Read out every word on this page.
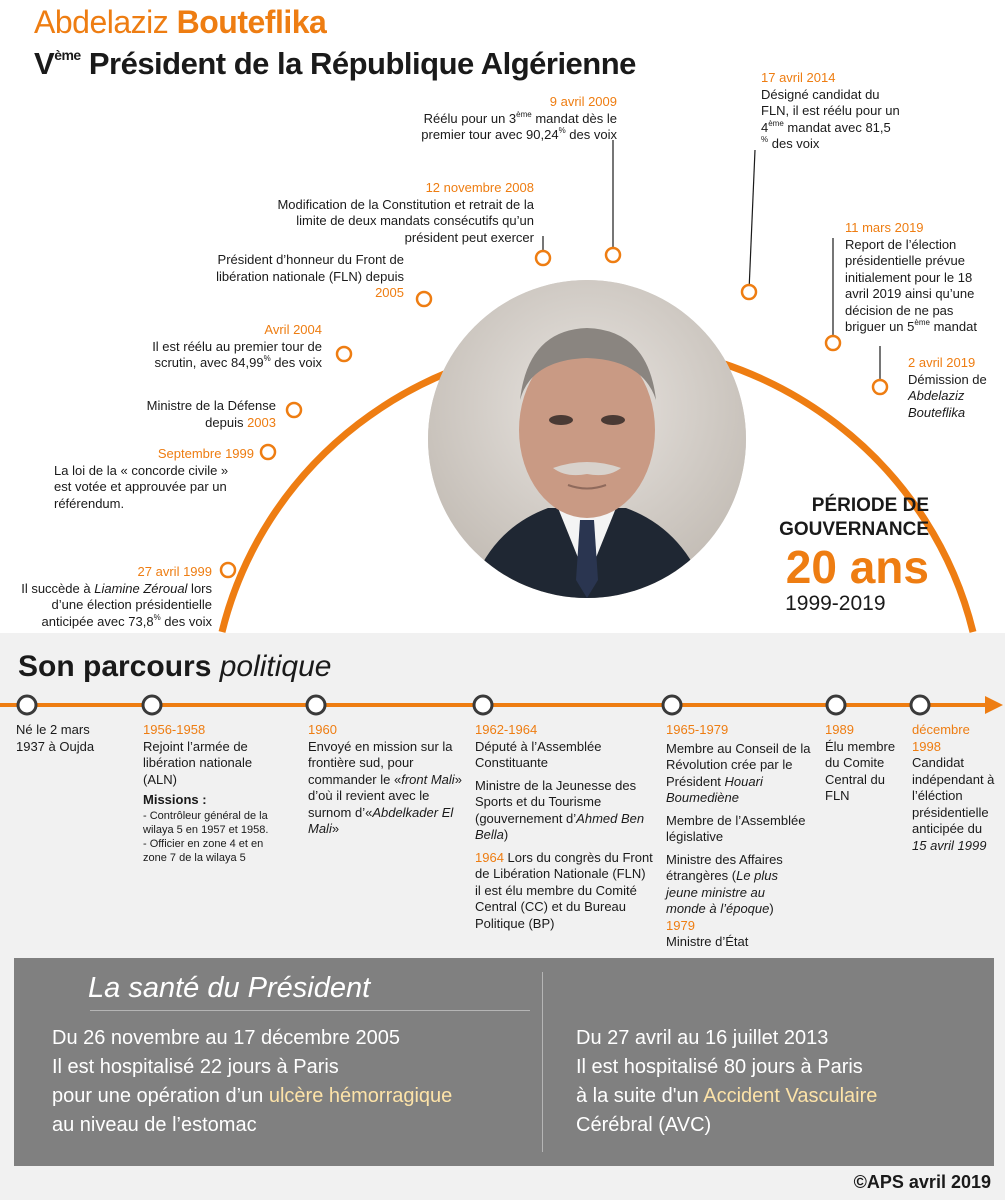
Abdelaziz Bouteflika
Vème Président de la République Algérienne
27 avril 1999
Il succède à Liamine Zéroual lors d’une élection présidentielle anticipée avec 73,8% des voix
Septembre 1999
La loi de la « concorde civile » est votée et approuvée par un référendum.
Ministre de la Défense depuis 2003
Avril 2004
Il est réélu au premier tour de scrutin, avec 84,99% des voix
Président d’honneur du Front de libération nationale (FLN) depuis 2005
12 novembre 2008
Modification de la Constitution et retrait de la limite de deux mandats consécutifs qu’un président peut exercer
9 avril 2009
Réélu pour un 3ème mandat dès le premier tour avec 90,24% des voix
17 avril 2014
Désigné candidat du FLN, il est réélu pour un 4ème mandat avec 81,5 % des voix
11 mars 2019
Report de l’élection présidentielle prévue initialement pour le 18 avril 2019 ainsi qu’une décision de ne pas briguer un 5ème mandat
2 avril 2019
Démission de Abdelaziz Bouteflika
PÉRIODE DE
GOUVERNANCE
20 ans
1999-2019
Son parcours politique
Né le 2 mars 1937 à Oujda
1956-1958
Rejoint l’armée de libération nationale (ALN)
Missions :
- Contrôleur général de la wilaya 5 en 1957 et 1958.
- Officier en zone 4 et en zone 7 de la wilaya 5
1960
Envoyé en mission sur la frontière sud, pour commander le «front Mali» d’où il revient avec le surnom d’«Abdelkader El Mali»
1962-1964
Député à l’Assemblée Constituante
Ministre de la Jeunesse des Sports et du Tourisme (gouvernement d’Ahmed Ben Bella)
1964 Lors du congrès du Front de Libération Nationale (FLN) il est élu membre du Comité Central (CC) et du Bureau Politique (BP)
1965-1979
Membre au Conseil de la Révolution crée par le Président Houari Boumediène
Membre de l’Assemblée législative
Ministre des Affaires étrangères (Le plus jeune ministre au monde à l’époque)
1979
Ministre d’État
1989
Élu membre du Comite Central du FLN
décembre 1998
Candidat indépendant à l’éléction présidentielle anticipée du 15 avril 1999
La santé du Président
Du 26 novembre au 17 décembre 2005
Il est hospitalisé 22 jours à Paris
pour une opération d’un ulcère hémorragique
au niveau de l’estomac
Du 27 avril au 16 juillet 2013
Il est hospitalisé 80 jours à Paris
à la suite d'un Accident Vasculaire
Cérébral (AVC)
©APS avril 2019
